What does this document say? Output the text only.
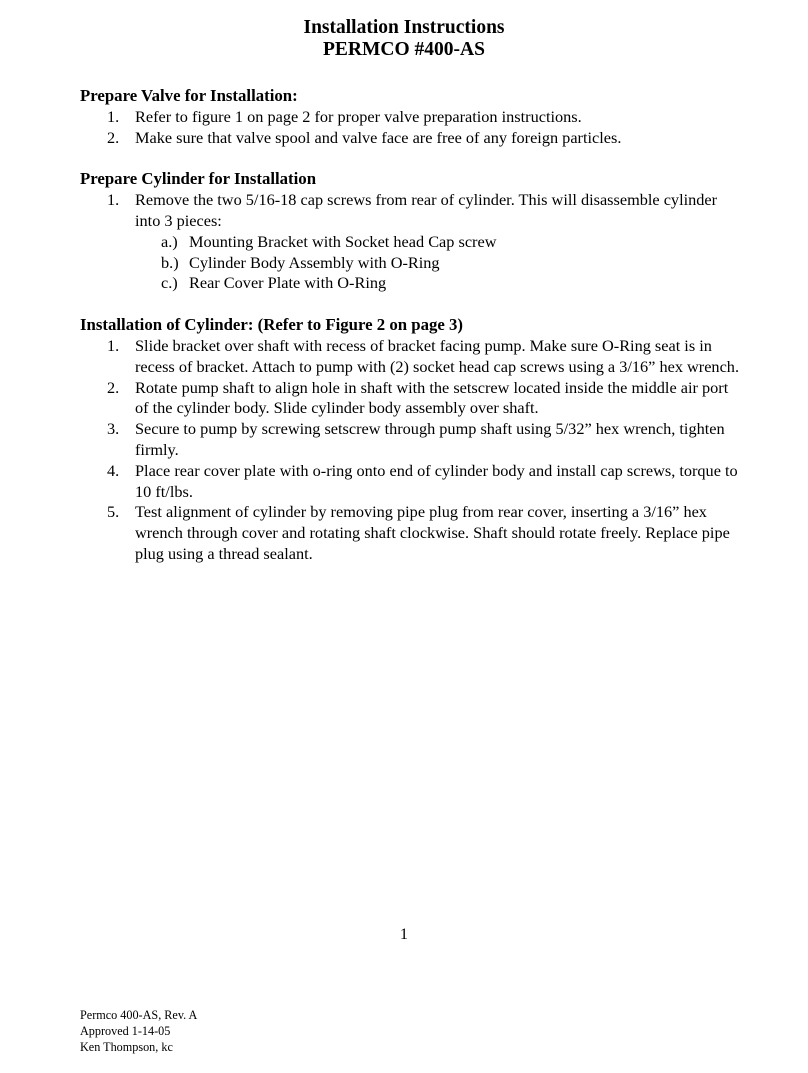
Installation Instructions
PERMCO #400-AS
Prepare Valve for Installation:
1. Refer to figure 1 on page 2 for proper valve preparation instructions.
2. Make sure that valve spool and valve face are free of any foreign particles.
Prepare Cylinder for Installation
1. Remove the two 5/16-18 cap screws from rear of cylinder. This will disassemble cylinder into 3 pieces:
a.) Mounting Bracket with Socket head Cap screw
b.) Cylinder Body Assembly with O-Ring
c.) Rear Cover Plate with O-Ring
Installation of Cylinder: (Refer to Figure 2 on page 3)
1. Slide bracket over shaft with recess of bracket facing pump. Make sure O-Ring seat is in recess of bracket. Attach to pump with (2) socket head cap screws using a 3/16” hex wrench.
2. Rotate pump shaft to align hole in shaft with the setscrew located inside the middle air port of the cylinder body. Slide cylinder body assembly over shaft.
3. Secure to pump by screwing setscrew through pump shaft using 5/32” hex wrench, tighten firmly.
4. Place rear cover plate with o-ring onto end of cylinder body and install cap screws, torque to 10 ft/lbs.
5. Test alignment of cylinder by removing pipe plug from rear cover, inserting a 3/16” hex wrench through cover and rotating shaft clockwise. Shaft should rotate freely. Replace pipe plug using a thread sealant.
1
Permco 400-AS, Rev. A
Approved 1-14-05
Ken Thompson, kc
